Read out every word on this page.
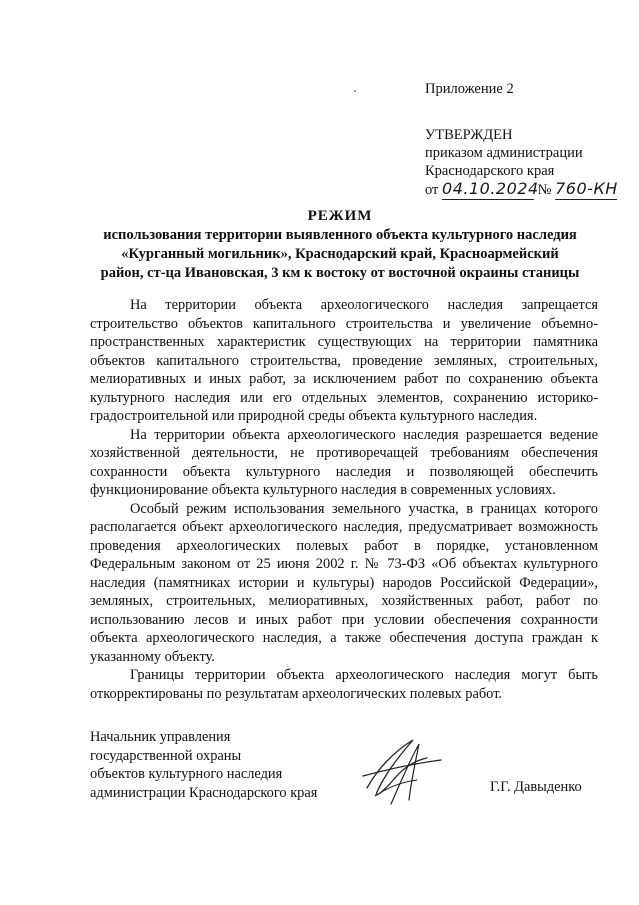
Приложение 2
УТВЕРЖДЕН
приказом администрации
Краснодарского края
от 04.10.2024 № 760-КН
РЕЖИМ
использования территории выявленного объекта культурного наследия
«Курганный могильник», Краснодарский край, Красноармейский
район, ст-ца Ивановская, 3 км к востоку от восточной окраины станицы

На территории объекта археологического наследия запрещается строительство объектов капитального строительства и увеличение объемно-пространственных характеристик существующих на территории памятника объектов капитального строительства, проведение земляных, строительных, мелиоративных и иных работ, за исключением работ по сохранению объекта культурного наследия или его отдельных элементов, сохранению историко-градостроительной или природной среды объекта культурного наследия.

На территории объекта археологического наследия разрешается ведение хозяйственной деятельности, не противоречащей требованиям обеспечения сохранности объекта культурного наследия и позволяющей обеспечить функционирование объекта культурного наследия в современных условиях.

Особый режим использования земельного участка, в границах которого располагается объект археологического наследия, предусматривает возможность проведения археологических полевых работ в порядке, установленном Федеральным законом от 25 июня 2002 г. № 73-ФЗ «Об объектах культурного наследия (памятниках истории и культуры) народов Российской Федерации», земляных, строительных, мелиоративных, хозяйственных работ, работ по использованию лесов и иных работ при условии обеспечения сохранности объекта археологического наследия, а также обеспечения доступа граждан к указанному объекту.

Границы территории объекта археологического наследия могут быть откорректированы по результатам археологических полевых работ.

Начальник управления
государственной охраны
объектов культурного наследия
администрации Краснодарского края	Г.Г. Давыденко
